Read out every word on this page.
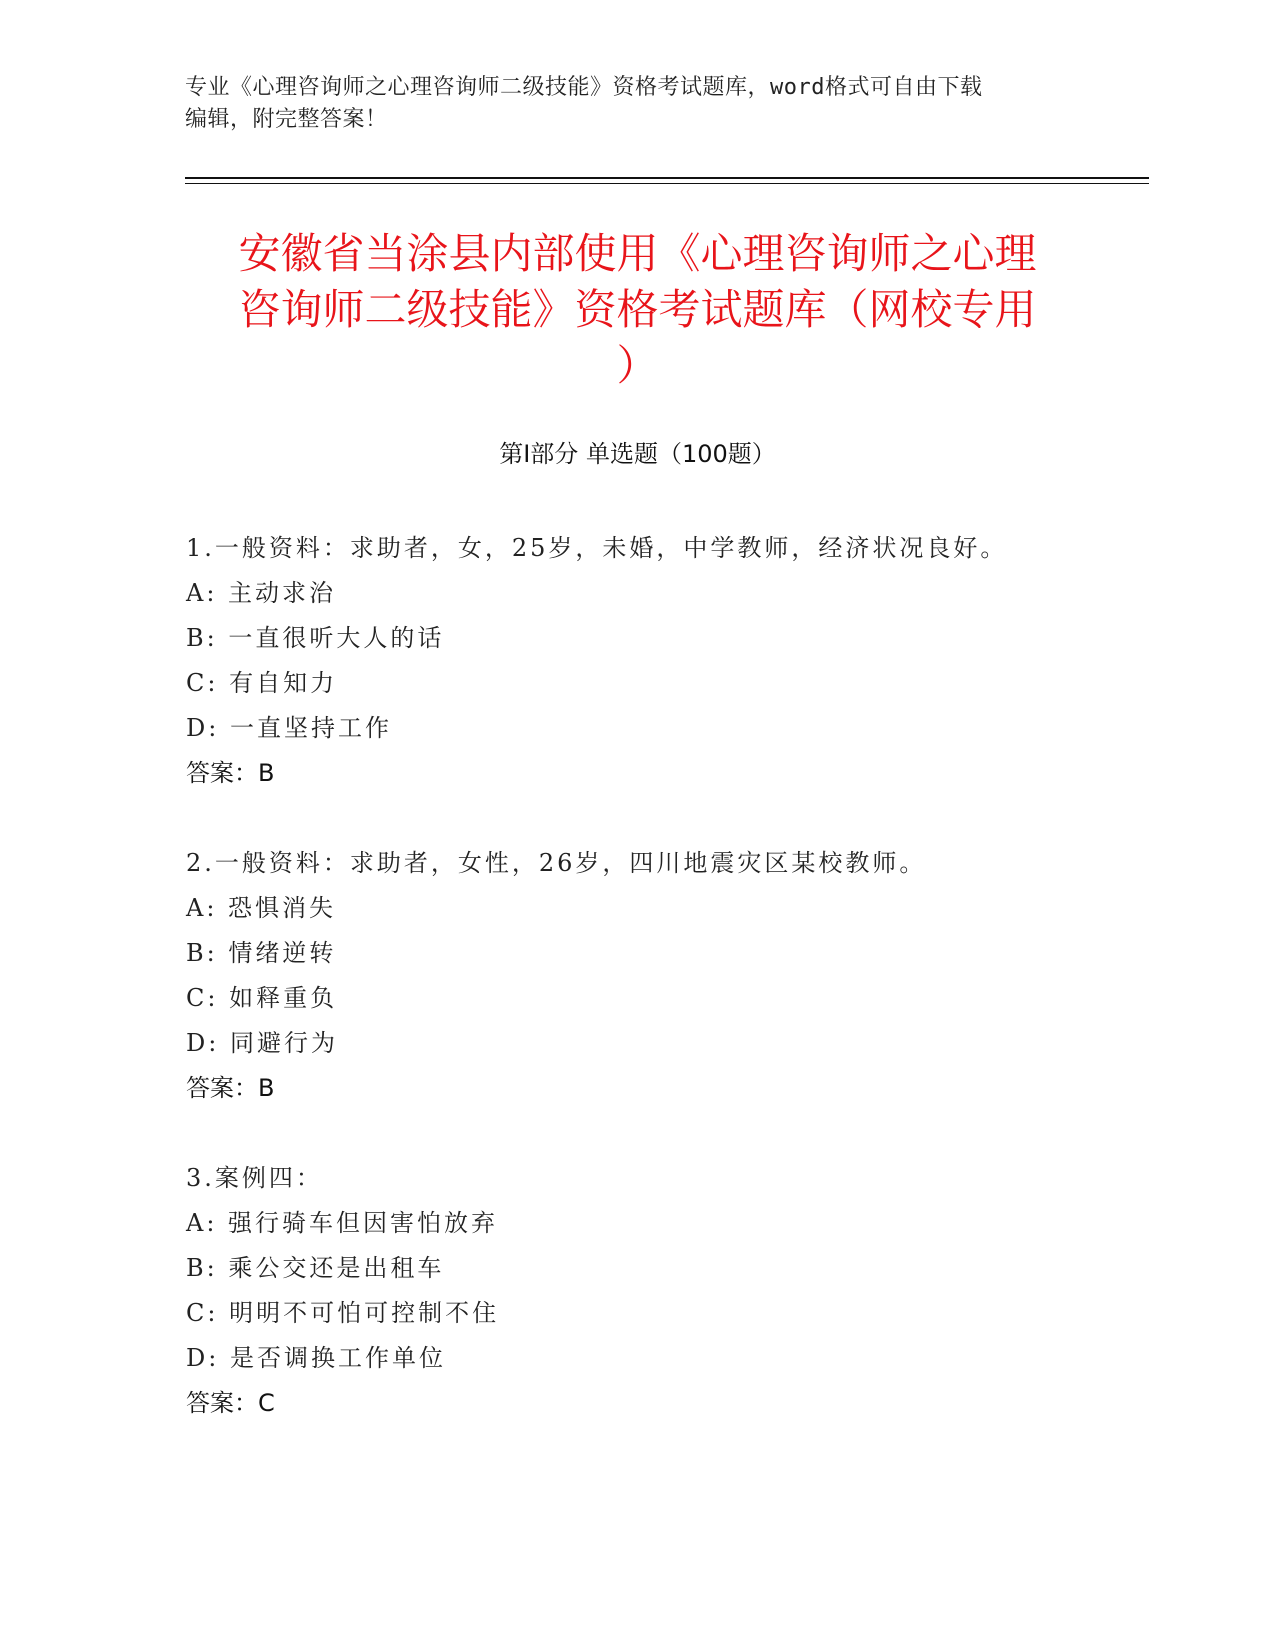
专业《心理咨询师之心理咨询师二级技能》资格考试题库，word格式可自由下载
编辑，附完整答案！
安徽省当涂县内部使用《心理咨询师之心理
咨询师二级技能》资格考试题库（网校专用
）
第Ⅰ部分 单选题（100题）
1.一般资料：求助者，女，25岁，未婚，中学教师，经济状况良好。
A: 主动求治
B: 一直很听大人的话
C: 有自知力
D: 一直坚持工作
答案：B
2.一般资料：求助者，女性，26岁，四川地震灾区某校教师。
A: 恐惧消失
B: 情绪逆转
C: 如释重负
D: 同避行为
答案：B
3.案例四：
A: 强行骑车但因害怕放弃
B: 乘公交还是出租车
C: 明明不可怕可控制不住
D: 是否调换工作单位
答案：C
